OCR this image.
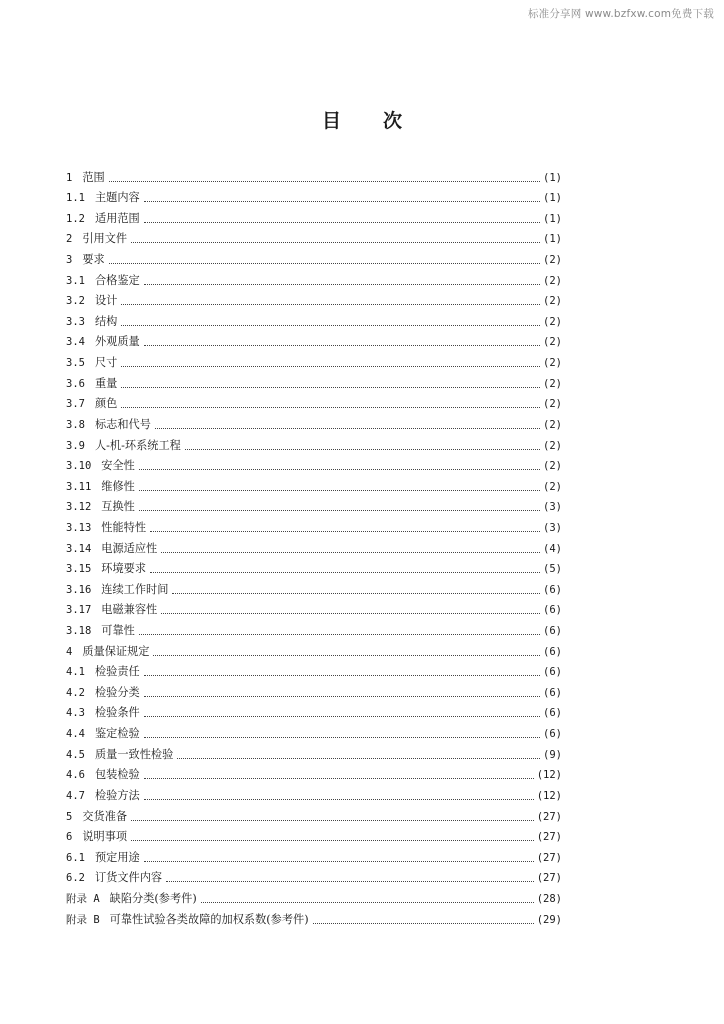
标准分享网 www.bzfxw.com免费下载
目 次
1 范围	(1)
1.1 主题内容	(1)
1.2 适用范围	(1)
2 引用文件	(1)
3 要求	(2)
3.1 合格鉴定	(2)
3.2 设计	(2)
3.3 结构	(2)
3.4 外观质量	(2)
3.5 尺寸	(2)
3.6 重量	(2)
3.7 颜色	(2)
3.8 标志和代号	(2)
3.9 人-机-环系统工程	(2)
3.10 安全性	(2)
3.11 维修性	(2)
3.12 互换性	(3)
3.13 性能特性	(3)
3.14 电源适应性	(4)
3.15 环境要求	(5)
3.16 连续工作时间	(6)
3.17 电磁兼容性	(6)
3.18 可靠性	(6)
4 质量保证规定	(6)
4.1 检验责任	(6)
4.2 检验分类	(6)
4.3 检验条件	(6)
4.4 鉴定检验	(6)
4.5 质量一致性检验	(9)
4.6 包装检验	(12)
4.7 检验方法	(12)
5 交货准备	(27)
6 说明事项	(27)
6.1 预定用途	(27)
6.2 订货文件内容	(27)
附录 A 缺陷分类(参考件)	(28)
附录 B 可靠性试验各类故障的加权系数(参考件)	(29)
